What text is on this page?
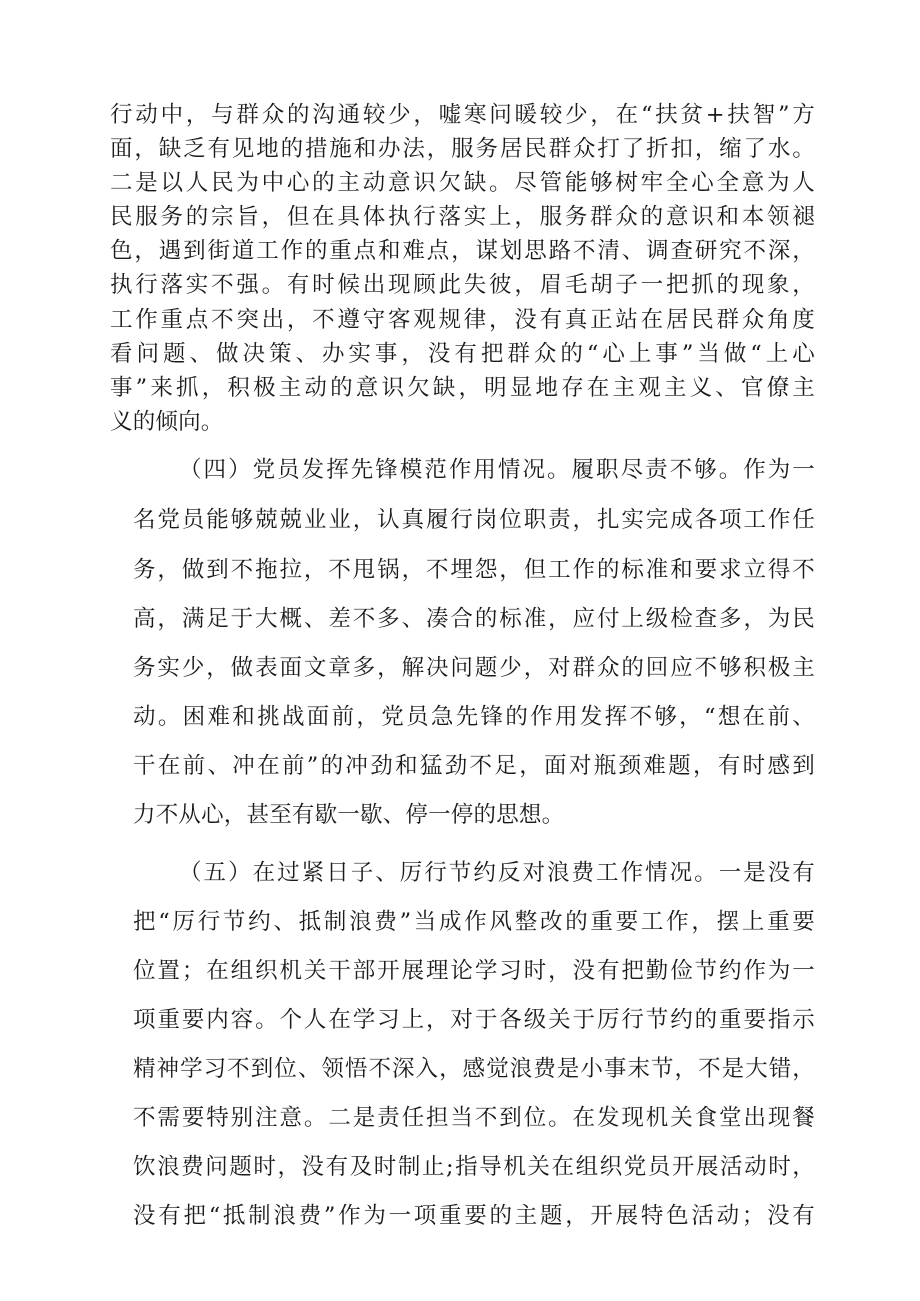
行动中，与群众的沟通较少，嘘寒问暖较少，在“扶贫+扶智”方
面，缺乏有见地的措施和办法，服务居民群众打了折扣，缩了水。
二是以人民为中心的主动意识欠缺。尽管能够树牢全心全意为人
民服务的宗旨，但在具体执行落实上，服务群众的意识和本领褪
色，遇到街道工作的重点和难点，谋划思路不清、调查研究不深，
执行落实不强。有时候出现顾此失彼，眉毛胡子一把抓的现象，
工作重点不突出，不遵守客观规律，没有真正站在居民群众角度
看问题、做决策、办实事，没有把群众的“心上事”当做“上心
事”来抓，积极主动的意识欠缺，明显地存在主观主义、官僚主
义的倾向。
（四）党员发挥先锋模范作用情况。履职尽责不够。作为一
名党员能够兢兢业业，认真履行岗位职责，扎实完成各项工作任
务，做到不拖拉，不甩锅，不埋怨，但工作的标准和要求立得不
高，满足于大概、差不多、凑合的标准，应付上级检查多，为民
务实少，做表面文章多，解决问题少，对群众的回应不够积极主
动。困难和挑战面前，党员急先锋的作用发挥不够，“想在前、
干在前、冲在前”的冲劲和猛劲不足，面对瓶颈难题，有时感到
力不从心，甚至有歇一歇、停一停的思想。
（五）在过紧日子、厉行节约反对浪费工作情况。一是没有
把“厉行节约、抵制浪费”当成作风整改的重要工作，摆上重要
位置；在组织机关干部开展理论学习时，没有把勤俭节约作为一
项重要内容。个人在学习上，对于各级关于厉行节约的重要指示
精神学习不到位、领悟不深入，感觉浪费是小事末节，不是大错，
不需要特别注意。二是责任担当不到位。在发现机关食堂出现餐
饮浪费问题时，没有及时制止;指导机关在组织党员开展活动时，
没有把“抵制浪费”作为一项重要的主题，开展特色活动；没有
